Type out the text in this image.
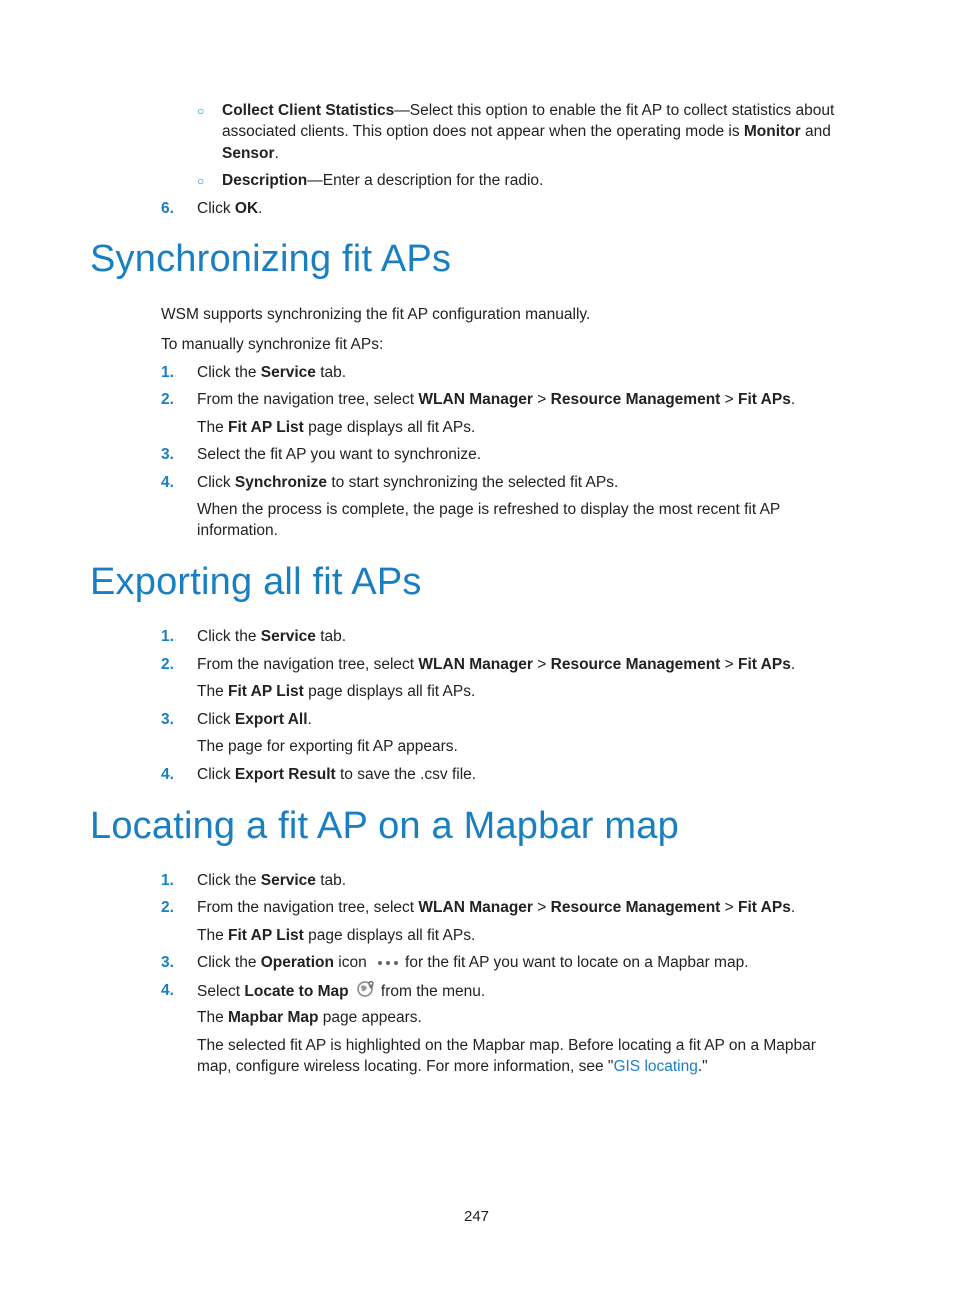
○ Collect Client Statistics—Select this option to enable the fit AP to collect statistics about
associated clients. This option does not appear when the operating mode is Monitor and
Sensor.
○ Description—Enter a description for the radio.
6. Click OK.
Synchronizing fit APs
WSM supports synchronizing the fit AP configuration manually.
To manually synchronize fit APs:
1. Click the Service tab.
2. From the navigation tree, select WLAN Manager > Resource Management > Fit APs.
The Fit AP List page displays all fit APs.
3. Select the fit AP you want to synchronize.
4. Click Synchronize to start synchronizing the selected fit APs.
When the process is complete, the page is refreshed to display the most recent fit AP
information.
Exporting all fit APs
1. Click the Service tab.
2. From the navigation tree, select WLAN Manager > Resource Management > Fit APs.
The Fit AP List page displays all fit APs.
3. Click Export All.
The page for exporting fit AP appears.
4. Click Export Result to save the .csv file.
Locating a fit AP on a Mapbar map
1. Click the Service tab.
2. From the navigation tree, select WLAN Manager > Resource Management > Fit APs.
The Fit AP List page displays all fit APs.
3. Click the Operation icon for the fit AP you want to locate on a Mapbar map.
4. Select Locate to Map from the menu.
The Mapbar Map page appears.
The selected fit AP is highlighted on the Mapbar map. Before locating a fit AP on a Mapbar
map, configure wireless locating. For more information, see "GIS locating."
247
